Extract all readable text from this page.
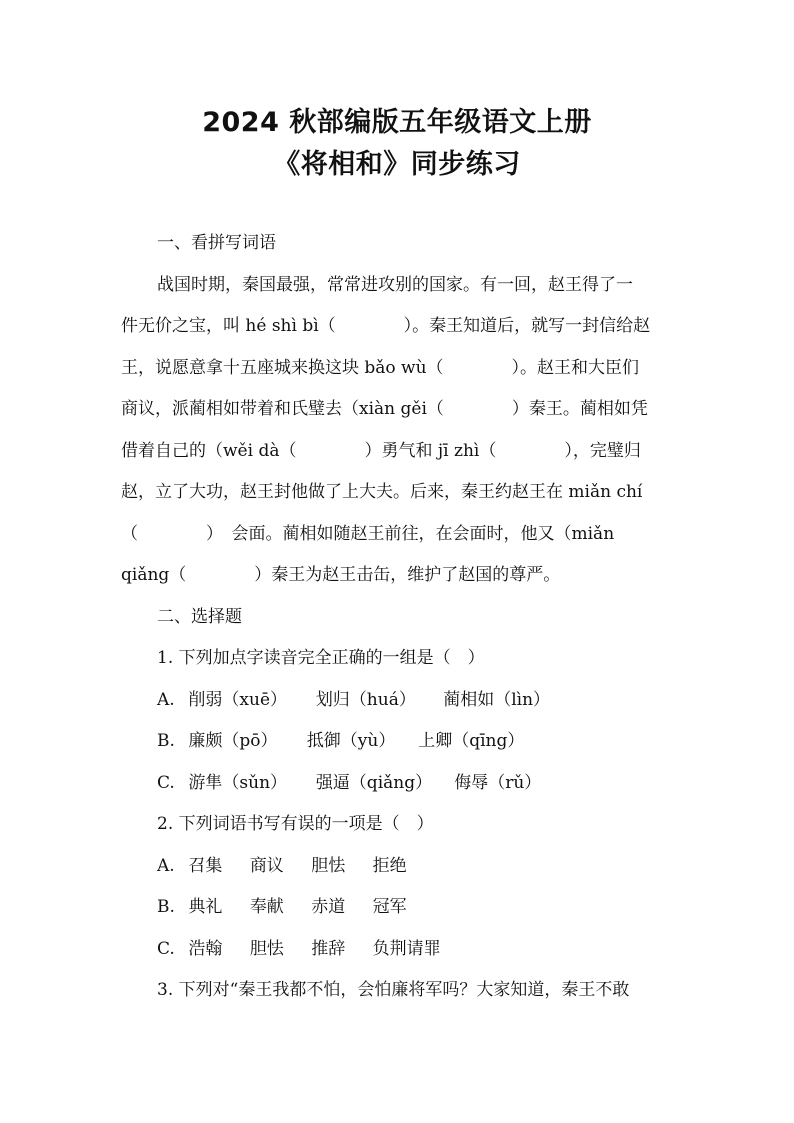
2024 秋部编版五年级语文上册
《将相和》同步练习
一、看拼写词语
战国时期，秦国最强，常常进攻别的国家。有一回，赵王得了一
件无价之宝，叫 hé shì bì（　　　　）。秦王知道后，就写一封信给赵
王，说愿意拿十五座城来换这块 bǎo wù（　　　　）。赵王和大臣们
商议，派蔺相如带着和氏璧去（xiàn gěi（　　　　）秦王。蔺相如凭
借着自己的（wěi dà（　　　　）勇气和 jī zhì（　　　　），完璧归
赵，立了大功，赵王封他做了上大夫。后来，秦王约赵王在 miǎn chí
（　　　　）　会面。蔺相如随赵王前往，在会面时，他又（miǎn
qiǎng（　　　　）秦王为赵王击缶，维护了赵国的尊严。
二、选择题
1. 下列加点字读音完全正确的一组是（　）
A. 削弱（xuē） 划归（huá） 蔺相如（lìn）
B. 廉颇（pō） 抵御（yù） 上卿（qīng）
C. 游隼（sǔn） 强逼（qiǎng） 侮辱（rǔ）
2. 下列词语书写有误的一项是（　）
A. 召集 商议 胆怯 拒绝
B. 典礼 奉献 赤道 冠军
C. 浩翰 胆怯 推辞 负荆请罪
3. 下列对“秦王我都不怕，会怕廉将军吗？大家知道，秦王不敢
